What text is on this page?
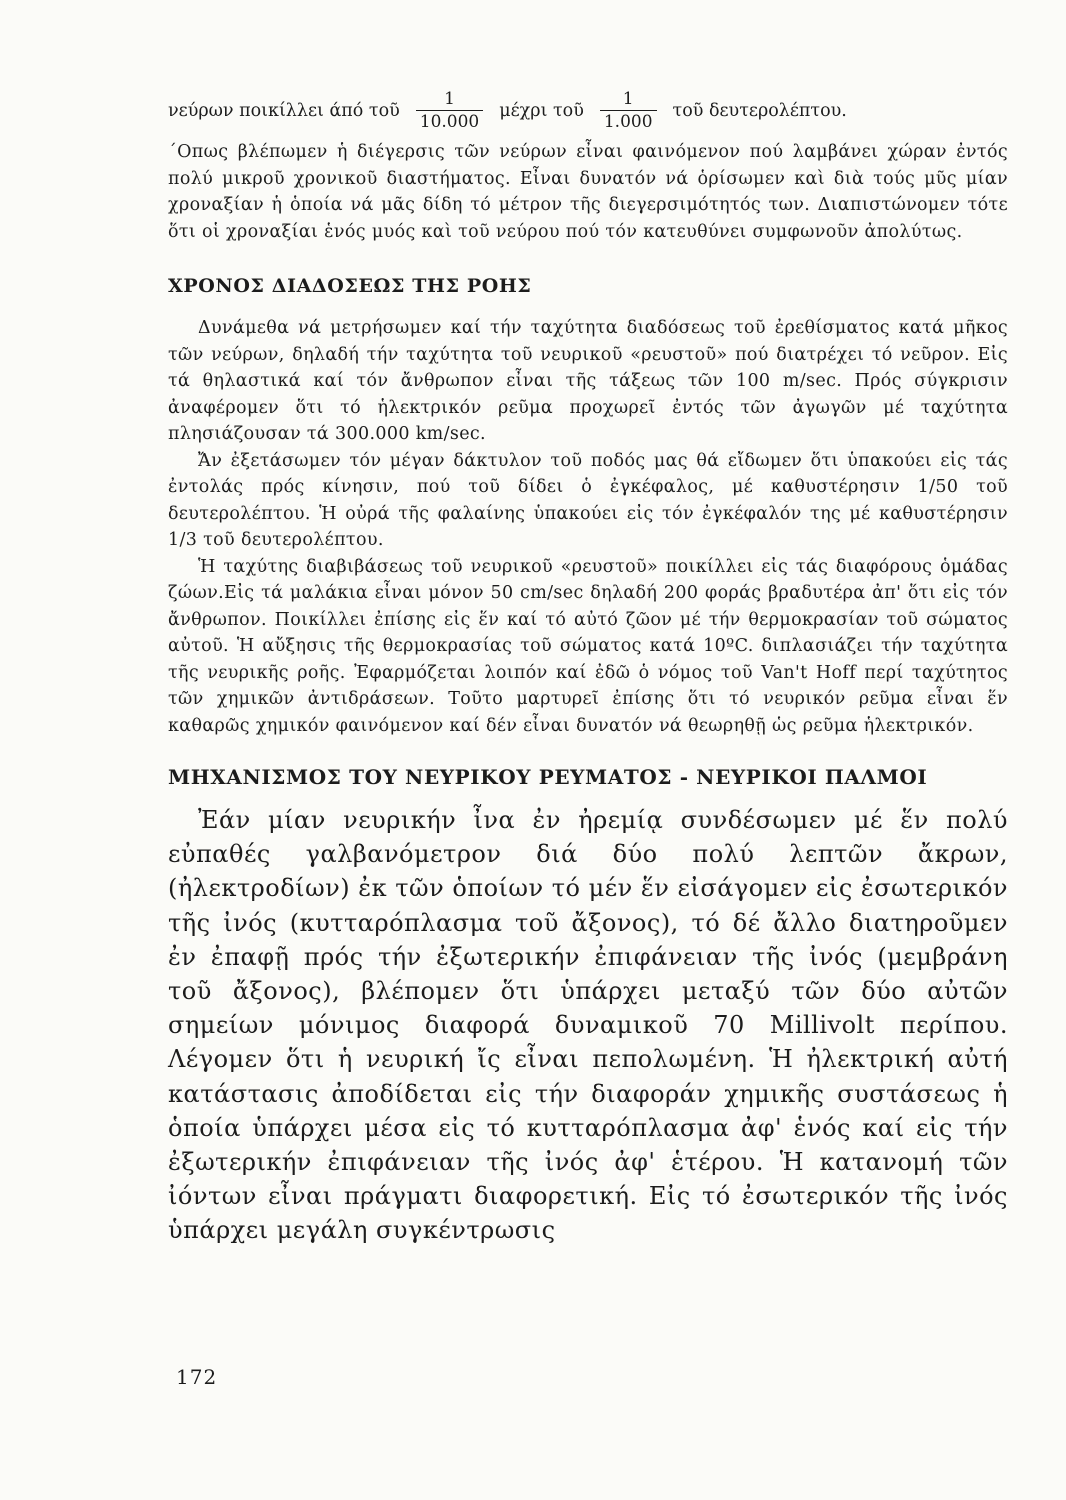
νεύρων ποικίλλει άπό τοῦ $\frac{1}{10.000}$ μέχρι τοῦ $\frac{1}{1.000}$ τοῦ δευτερολέπτου.

΄Οπως βλέπωμεν ἡ διέγερσις τῶν νεύρων εἶναι φαινόμενον πού λαμβάνει χώραν ἐντός πολύ μικροῦ χρονικοῦ διαστήματος. Εἶναι δυνατόν νά ὁρίσωμεν καὶ διὰ τούς μῦς μίαν χροναξίαν ἡ ὁποία νά μᾶς δίδη τό μέτρον τῆς διεγερσιμότητός των. Διαπιστώνομεν τότε ὅτι οἱ χροναξίαι ἑνός μυός καὶ τοῦ νεύρου πού τόν κατευθύνει συμφωνοῦν ἀπολύτως.

ΧΡΟΝΟΣ ΔΙΑΔΟΣΕΩΣ ΤΗΣ ΡΟΗΣ

Δυνάμεθα νά μετρήσωμεν καί τήν ταχύτητα διαδόσεως τοῦ ἐρεθίσματος κατά μῆκος τῶν νεύρων, δηλαδή τήν ταχύτητα τοῦ νευρικοῦ «ρευστοῦ» πού διατρέχει τό νεῦρον. Εἰς τά θηλαστικά καί τόν ἄνθρωπον εἶναι τῆς τάξεως τῶν 100 m/sec. Πρός σύγκρισιν ἀναφέρομεν ὅτι τό ἡλεκτρικόν ρεῦμα προχωρεῖ ἐντός τῶν ἀγωγῶν μέ ταχύτητα πλησιάζουσαν τά 300.000 km/sec.

Ἄν ἐξετάσωμεν τόν μέγαν δάκτυλον τοῦ ποδός μας θά εἴδωμεν ὅτι ὑπακούει εἰς τάς ἐντολάς πρός κίνησιν, πού τοῦ δίδει ὁ ἐγκέφαλος, μέ καθυστέρησιν 1/50 τοῦ δευτερολέπτου. Ἡ οὐρά τῆς φαλαίνης ὑπακούει εἰς τόν ἐγκέφαλόν της μέ καθυστέρησιν 1/3 τοῦ δευτερολέπτου.

Ἡ ταχύτης διαβιβάσεως τοῦ νευρικοῦ «ρευστοῦ» ποικίλλει εἰς τάς διαφόρους ὁμάδας ζώων.Εἰς τά μαλάκια εἶναι μόνον 50 cm/sec δηλαδή 200 φοράς βραδυτέρα ἀπ' ὅτι εἰς τόν ἄνθρωπον. Ποικίλλει ἐπίσης εἰς ἕν καί τό αὐτό ζῶον μέ τήν θερμοκρασίαν τοῦ σώματος αὐτοῦ. Ἡ αὔξησις τῆς θερμοκρασίας τοῦ σώματος κατά 10ºC. διπλασιάζει τήν ταχύτητα τῆς νευρικῆς ροῆς. Ἐφαρμόζεται λοιπόν καί ἐδῶ ὁ νόμος τοῦ Van't Hoff περί ταχύτητος τῶν χημικῶν ἀντιδράσεων. Τοῦτο μαρτυρεῖ ἐπίσης ὅτι τό νευρικόν ρεῦμα εἶναι ἕν καθαρῶς χημικόν φαινόμενον καί δέν εἶναι δυνατόν νά θεωρηθῇ ὡς ρεῦμα ἡλεκτρικόν.

ΜΗΧΑΝΙΣΜΟΣ ΤΟΥ ΝΕΥΡΙΚΟΥ ΡΕΥΜΑΤΟΣ - ΝΕΥΡΙΚΟΙ ΠΑΛΜΟΙ

Ἐάν μίαν νευρικήν ἶνα ἐν ἠρεμίᾳ συνδέσωμεν μέ ἕν πολύ εὐπαθές γαλβανόμετρον διά δύο πολύ λεπτῶν ἄκρων, (ἠλεκτροδίων) ἐκ τῶν ὁποίων τό μέν ἕν εἰσάγομεν εἰς ἐσωτερικόν τῆς ἰνός (κυτταρόπλασμα τοῦ ἄξονος), τό δέ ἄλλο διατηροῦμεν ἐν ἐπαφῇ πρός τήν ἐξωτερικήν ἐπιφάνειαν τῆς ἰνός (μεμβράνη τοῦ ἄξονος), βλέπομεν ὅτι ὑπάρχει μεταξύ τῶν δύο αὐτῶν σημείων μόνιμος διαφορά δυναμικοῦ 70 Millivolt περίπου. Λέγομεν ὅτι ἡ νευρική ἴς εἶναι πεπολωμένη. Ἡ ἠλεκτρική αὐτή κατάστασις ἀποδίδεται εἰς τήν διαφοράν χημικῆς συστάσεως ἡ ὁποία ὑπάρχει μέσα εἰς τό κυτταρόπλασμα ἀφ' ἑνός καί εἰς τήν ἐξωτερικήν ἐπιφάνειαν τῆς ἰνός ἀφ' ἑτέρου. Ἡ κατανομή τῶν ἰόντων εἶναι πράγματι διαφορετική. Εἰς τό ἐσωτερικόν τῆς ἰνός ὑπάρχει μεγάλη συγκέντρωσις

172
